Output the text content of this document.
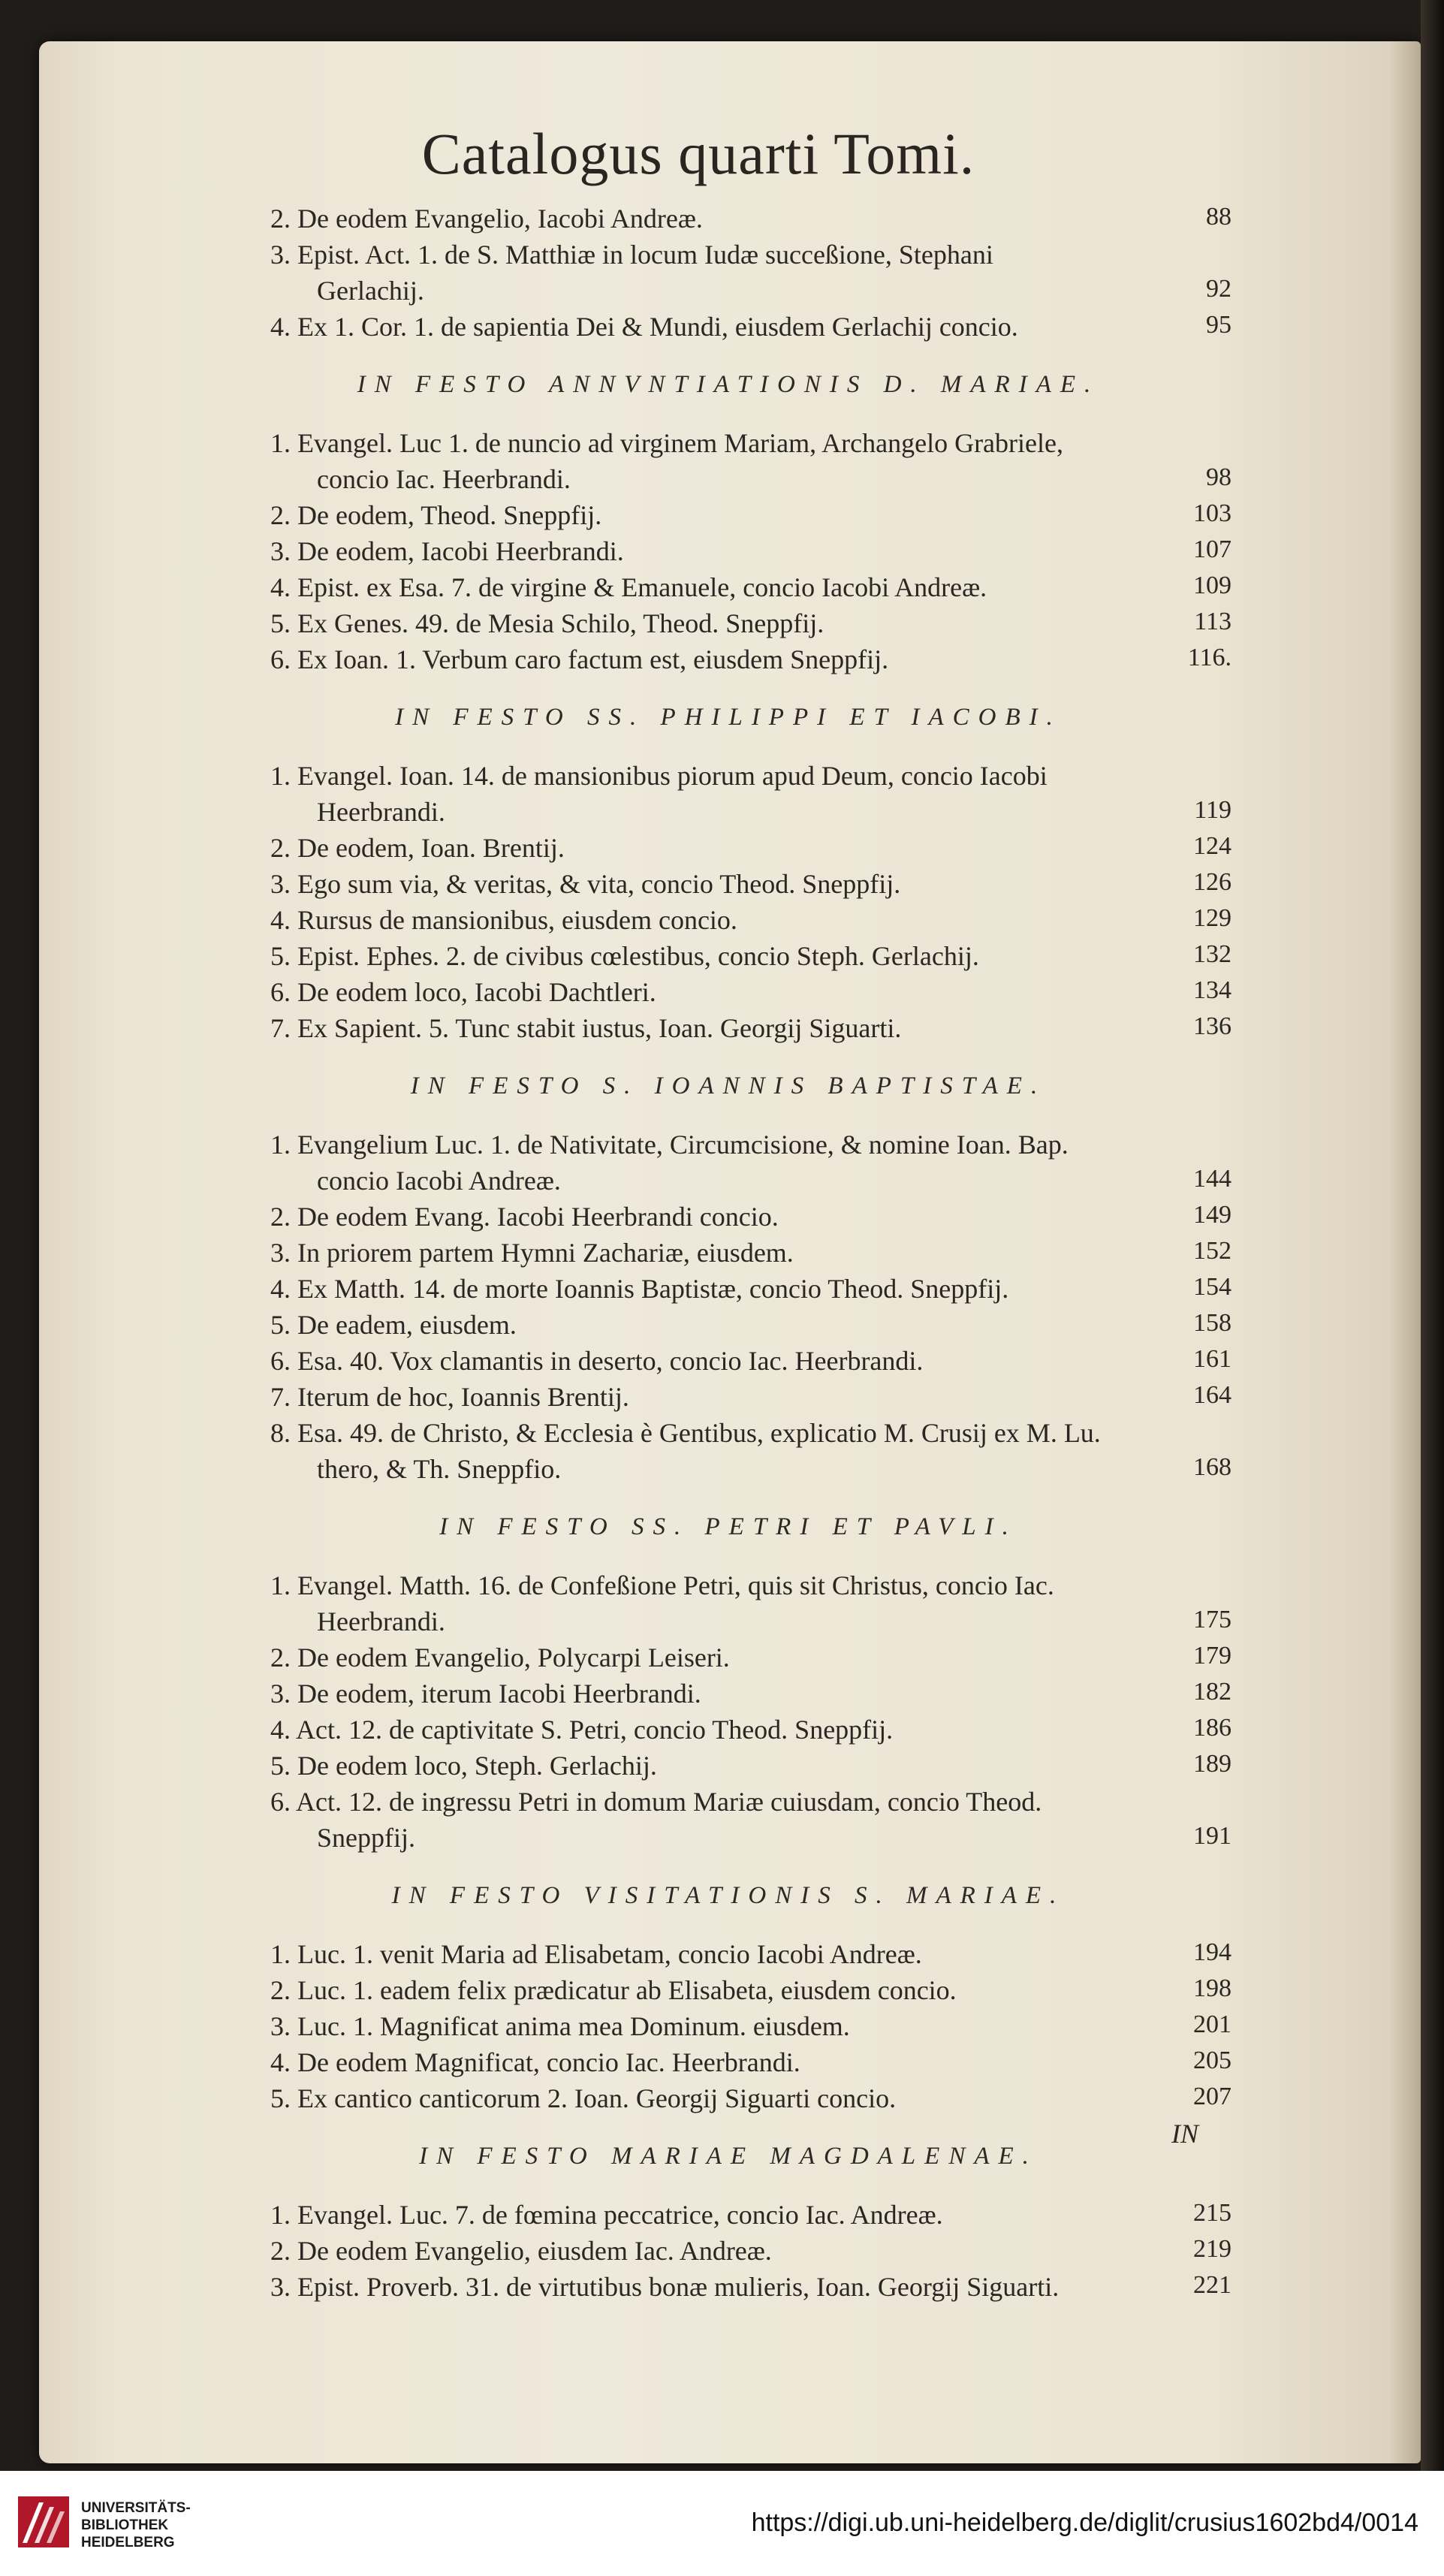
Catalogus quarti Tomi.
IN
2. De eodem Evangelio, Iacobi Andreæ.	88
3. Epist. Act. 1. de S. Matthiæ in locum Iudæ succeßione, Stephani
Gerlachij.	92
4. Ex 1. Cor. 1. de sapientia Dei & Mundi, eiusdem Gerlachij concio.	95
IN FESTO ANNVNTIATIONIS D. MARIAE.
1. Evangel. Luc 1. de nuncio ad virginem Mariam, Archangelo Grabriele,
concio Iac. Heerbrandi.	98
2. De eodem, Theod. Sneppfij.	103
3. De eodem, Iacobi Heerbrandi.	107
4. Epist. ex Esa. 7. de virgine & Emanuele, concio Iacobi Andreæ.	109
5. Ex Genes. 49. de Mesia Schilo, Theod. Sneppfij.	113
6. Ex Ioan. 1. Verbum caro factum est, eiusdem Sneppfij.	116.
IN FESTO SS. PHILIPPI ET IACOBI.
1. Evangel. Ioan. 14. de mansionibus piorum apud Deum, concio Iacobi
Heerbrandi.	119
2. De eodem, Ioan. Brentij.	124
3. Ego sum via, & veritas, & vita, concio Theod. Sneppfij.	126
4. Rursus de mansionibus, eiusdem concio.	129
5. Epist. Ephes. 2. de civibus cœlestibus, concio Steph. Gerlachij.	132
6. De eodem loco, Iacobi Dachtleri.	134
7. Ex Sapient. 5. Tunc stabit iustus, Ioan. Georgij Siguarti.	136
IN FESTO S. IOANNIS BAPTISTAE.
1. Evangelium Luc. 1. de Nativitate, Circumcisione, & nomine Ioan. Bap.
concio Iacobi Andreæ.	144
2. De eodem Evang. Iacobi Heerbrandi concio.	149
3. In priorem partem Hymni Zachariæ, eiusdem.	152
4. Ex Matth. 14. de morte Ioannis Baptistæ, concio Theod. Sneppfij.	154
5. De eadem, eiusdem.	158
6. Esa. 40. Vox clamantis in deserto, concio Iac. Heerbrandi.	161
7. Iterum de hoc, Ioannis Brentij.	164
8. Esa. 49. de Christo, & Ecclesia è Gentibus, explicatio M. Crusij ex M. Lu.
thero, & Th. Sneppfio.	168
IN FESTO SS. PETRI ET PAVLI.
1. Evangel. Matth. 16. de Confeßione Petri, quis sit Christus, concio Iac.
Heerbrandi.	175
2. De eodem Evangelio, Polycarpi Leiseri.	179
3. De eodem, iterum Iacobi Heerbrandi.	182
4. Act. 12. de captivitate S. Petri, concio Theod. Sneppfij.	186
5. De eodem loco, Steph. Gerlachij.	189
6. Act. 12. de ingressu Petri in domum Mariæ cuiusdam, concio Theod.
Sneppfij.	191
IN FESTO VISITATIONIS S. MARIAE.
1. Luc. 1. venit Maria ad Elisabetam, concio Iacobi Andreæ.	194
2. Luc. 1. eadem felix prædicatur ab Elisabeta, eiusdem concio.	198
3. Luc. 1. Magnificat anima mea Dominum. eiusdem.	201
4. De eodem Magnificat, concio Iac. Heerbrandi.	205
5. Ex cantico canticorum 2. Ioan. Georgij Siguarti concio.	207
IN FESTO MARIAE MAGDALENAE.
1. Evangel. Luc. 7. de fœmina peccatrice, concio Iac. Andreæ.	215
2. De eodem Evangelio, eiusdem Iac. Andreæ.	219
3. Epist. Proverb. 31. de virtutibus bonæ mulieris, Ioan. Georgij Siguarti.	221
UNIVERSITÄTS-
BIBLIOTHEK
HEIDELBERG
https://digi.ub.uni-heidelberg.de/diglit/crusius1602bd4/0014
